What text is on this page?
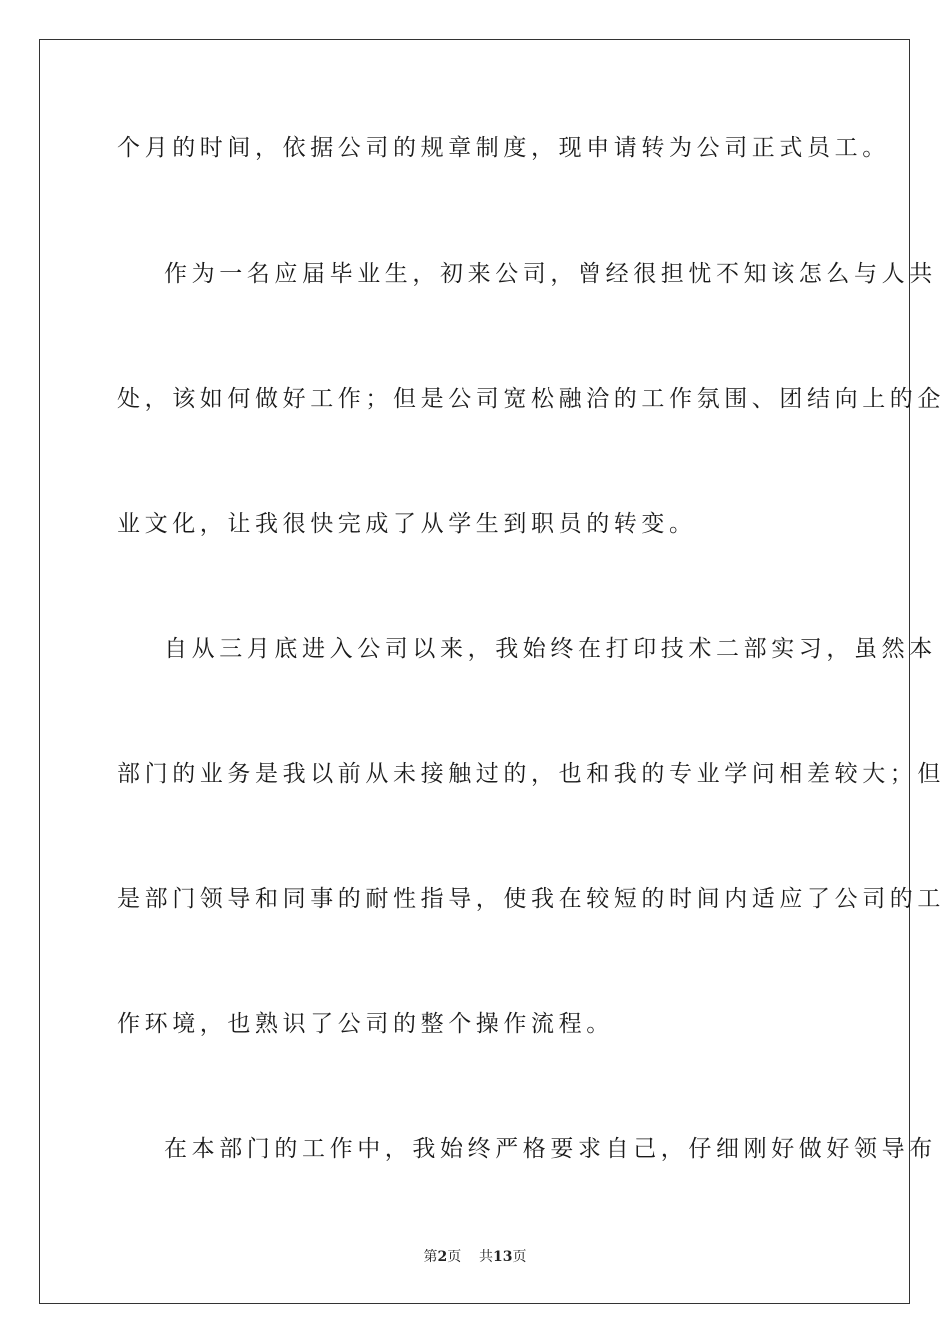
个月的时间，依据公司的规章制度，现申请转为公司正式员工。
作为一名应届毕业生，初来公司，曾经很担忧不知该怎么与人共
处，该如何做好工作；但是公司宽松融洽的工作氛围、团结向上的企
业文化，让我很快完成了从学生到职员的转变。
自从三月底进入公司以来，我始终在打印技术二部实习，虽然本
部门的业务是我以前从未接触过的，也和我的专业学问相差较大；但
是部门领导和同事的耐性指导，使我在较短的时间内适应了公司的工
作环境，也熟识了公司的整个操作流程。
在本部门的工作中，我始终严格要求自己，仔细刚好做好领导布
第2页 共13页
